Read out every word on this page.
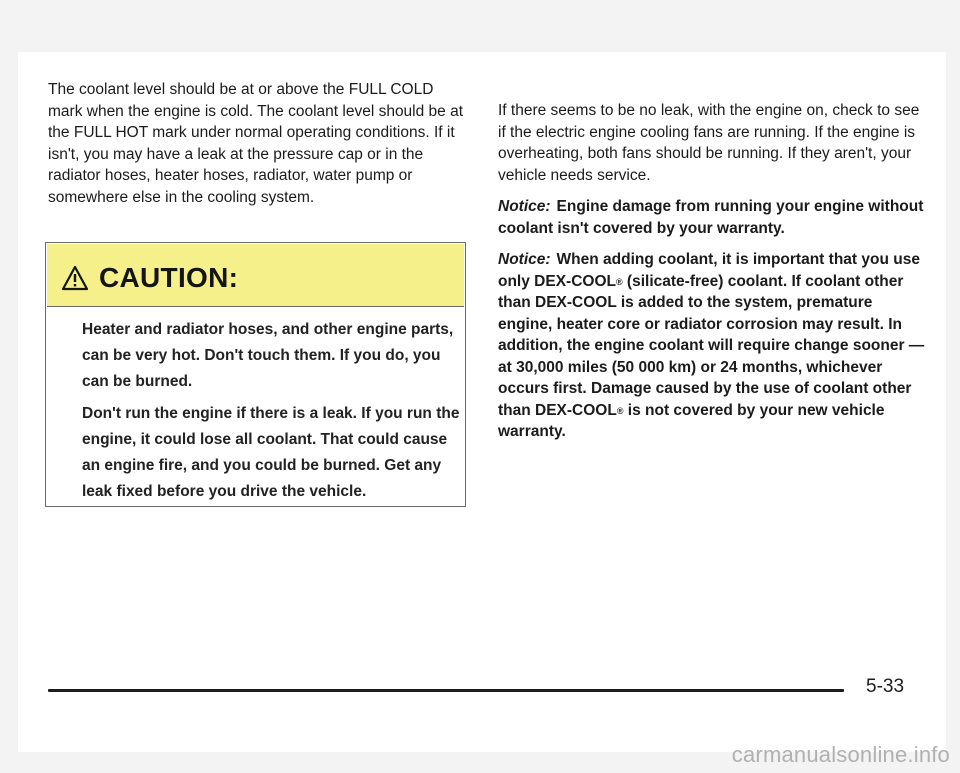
The coolant level should be at or above the FULL COLD mark when the engine is cold. The coolant level should be at the FULL HOT mark under normal operating conditions. If it isn't, you may have a leak at the pressure cap or in the radiator hoses, heater hoses, radiator, water pump or somewhere else in the cooling system.

CAUTION:

Heater and radiator hoses, and other engine parts, can be very hot. Don't touch them. If you do, you can be burned.

Don't run the engine if there is a leak. If you run the engine, it could lose all coolant. That could cause an engine fire, and you could be burned. Get any leak fixed before you drive the vehicle.

If there seems to be no leak, with the engine on, check to see if the electric engine cooling fans are running. If the engine is overheating, both fans should be running. If they aren't, your vehicle needs service.

Notice: Engine damage from running your engine without coolant isn't covered by your warranty.

Notice: When adding coolant, it is important that you use only DEX-COOL® (silicate-free) coolant. If coolant other than DEX-COOL is added to the system, premature engine, heater core or radiator corrosion may result. In addition, the engine coolant will require change sooner — at 30,000 miles (50 000 km) or 24 months, whichever occurs first. Damage caused by the use of coolant other than DEX-COOL® is not covered by your new vehicle warranty.

5-33
carmanualsonline.info
